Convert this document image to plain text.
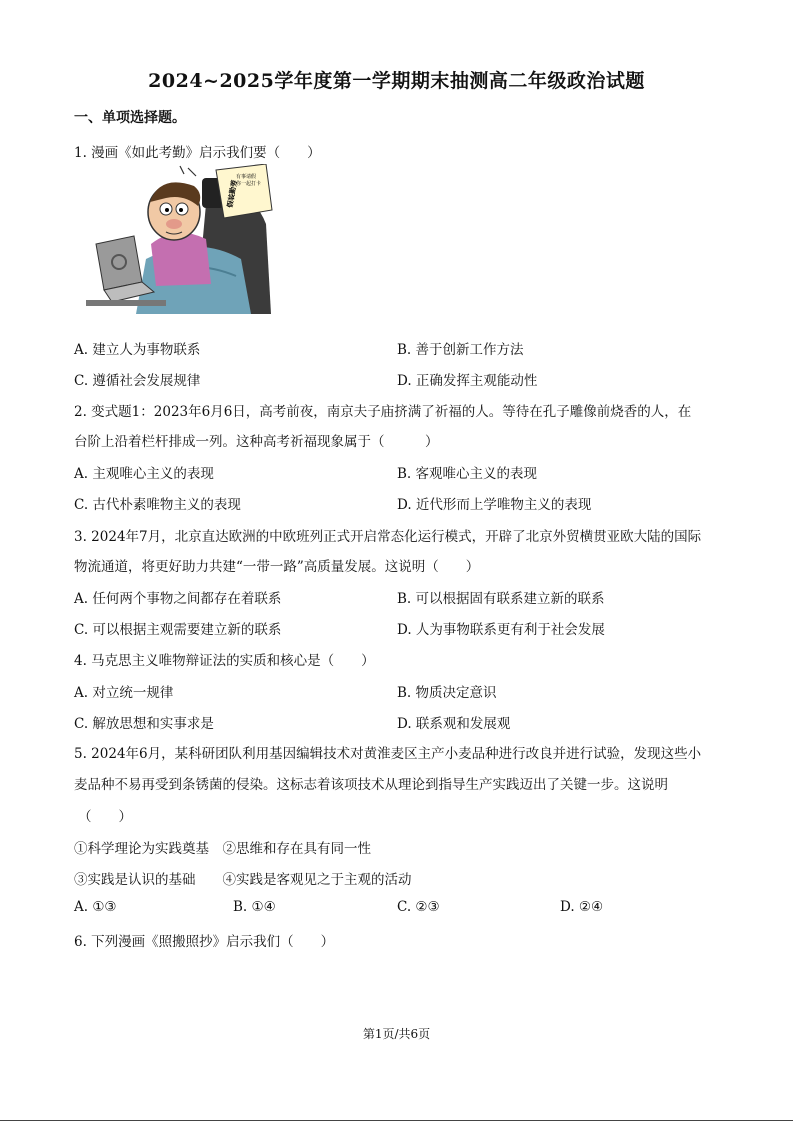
2024~2025学年度第一学期期末抽测高二年级政治试题
一、单项选择题。
1. 漫画《如此考勤》启示我们要（　　）
有事请假
帮你一起打卡
假装勤劳
A. 建立人为事物联系	B. 善于创新工作方法
C. 遵循社会发展规律	D. 正确发挥主观能动性
2. 变式题1：2023年6月6日，高考前夜，南京夫子庙挤满了祈福的人。等待在孔子雕像前烧香的人，在
台阶上沿着栏杆排成一列。这种高考祈福现象属于（　　　）
A. 主观唯心主义的表现	B. 客观唯心主义的表现
C. 古代朴素唯物主义的表现	D. 近代形而上学唯物主义的表现
3. 2024年7月，北京直达欧洲的中欧班列正式开启常态化运行模式，开辟了北京外贸横贯亚欧大陆的国际
物流通道，将更好助力共建“一带一路”高质量发展。这说明（　　）
A. 任何两个事物之间都存在着联系	B. 可以根据固有联系建立新的联系
C. 可以根据主观需要建立新的联系	D. 人为事物联系更有利于社会发展
4. 马克思主义唯物辩证法的实质和核心是（　　）
A. 对立统一规律	B. 物质决定意识
C. 解放思想和实事求是	D. 联系观和发展观
5. 2024年6月，某科研团队利用基因编辑技术对黄淮麦区主产小麦品种进行改良并进行试验，发现这些小
麦品种不易再受到条锈菌的侵染。这标志着该项技术从理论到指导生产实践迈出了关键一步。这说明
（　　）
①科学理论为实践奠基　②思维和存在具有同一性
③实践是认识的基础　　④实践是客观见之于主观的活动
A. ①③	B. ①④	C. ②③	D. ②④
6. 下列漫画《照搬照抄》启示我们（　　）
第1页/共6页
